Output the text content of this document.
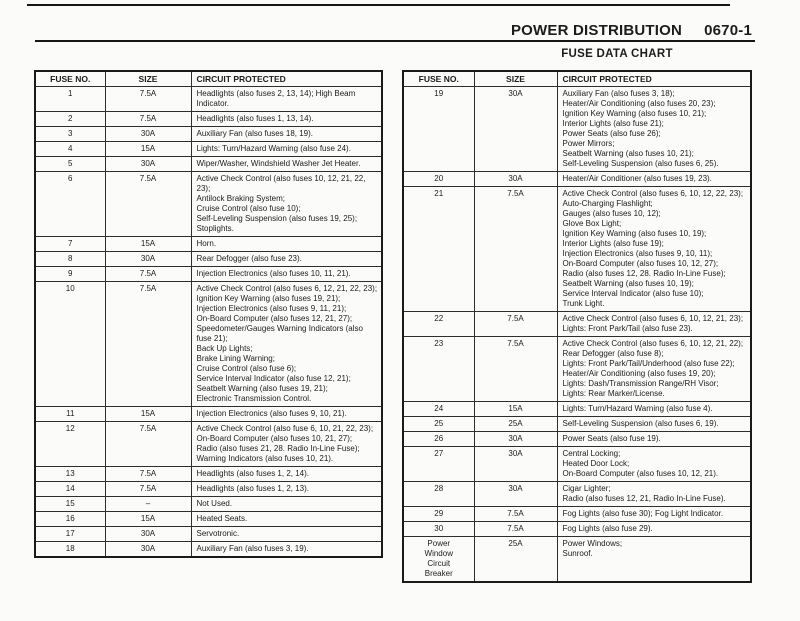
POWER DISTRIBUTION 0670-1
FUSE DATA CHART
FUSE NO.	SIZE	CIRCUIT PROTECTED
1	7.5A	Headlights (also fuses 2, 13, 14); High Beam Indicator.

2	7.5A	Headlights (also fuses 1, 13, 14).

3	30A	Auxiliary Fan (also fuses 18, 19).

4	15A	Lights: Turn/Hazard Warning (also fuse 24).

5	30A	Wiper/Washer, Windshield Washer Jet Heater.

6	7.5A	Active Check Control (also fuses 10, 12, 21, 22, 23);
Antilock Braking System;
Cruise Control (also fuse 10);
Self-Leveling Suspension (also fuses 19, 25);
Stoplights.

7	15A	Horn.

8	30A	Rear Defogger (also fuse 23).

9	7.5A	Injection Electronics (also fuses 10, 11, 21).

10	7.5A	Active Check Control (also fuses 6, 12, 21, 22, 23);
Ignition Key Warning (also fuses 19, 21);
Injection Electronics (also fuses 9, 11, 21);
On-Board Computer (also fuses 12, 21, 27);
Speedometer/Gauges Warning Indicators (also fuse 21);
Back Up Lights;
Brake Lining Warning;
Cruise Control (also fuse 6);
Service Interval Indicator (also fuse 12, 21);
Seatbelt Warning (also fuses 19, 21);
Electronic Transmission Control.

11	15A	Injection Electronics (also fuses 9, 10, 21).

12	7.5A	Active Check Control (also fuse 6, 10, 21, 22, 23);
On-Board Computer (also fuses 10, 21, 27);
Radio (also fuses 21, 28. Radio In-Line Fuse);
Warning Indicators (also fuses 10, 21).

13	7.5A	Headlights (also fuses 1, 2, 14).

14	7.5A	Headlights (also fuses 1, 2, 13).

15	–	Not Used.

16	15A	Heated Seats.

17	30A	Servotronic.

18	30A	Auxiliary Fan (also fuses 3, 19).
FUSE NO.	SIZE	CIRCUIT PROTECTED
19	30A	Auxiliary Fan (also fuses 3, 18);
Heater/Air Conditioning (also fuses 20, 23);
Ignition Key Warning (also fuses 10, 21);
Interior Lights (also fuse 21);
Power Seats (also fuse 26);
Power Mirrors;
Seatbelt Warning (also fuses 10, 21);
Self-Leveling Suspension (also fuses 6, 25).

20	30A	Heater/Air Conditioner (also fuses 19, 23).

21	7.5A	Active Check Control (also fuses 6, 10, 12, 22, 23);
Auto-Charging Flashlight;
Gauges (also fuses 10, 12);
Glove Box Light;
Ignition Key Warning (also fuses 10, 19);
Interior Lights (also fuse 19);
Injection Electronics (also fuses 9, 10, 11);
On-Board Computer (also fuses 10, 12, 27);
Radio (also fuses 12, 28. Radio In-Line Fuse);
Seatbelt Warning (also fuses 10, 19);
Service Interval Indicator (also fuse 10);
Trunk Light.

22	7.5A	Active Check Control (also fuses 6, 10, 12, 21, 23);
Lights: Front Park/Tail (also fuse 23).

23	7.5A	Active Check Control (also fuses 6, 10, 12, 21, 22);
Rear Defogger (also fuse 8);
Lights: Front Park/Tail/Underhood (also fuse 22);
Heater/Air Conditioning (also fuses 19, 20);
Lights: Dash/Transmission Range/RH Visor;
Lights: Rear Marker/License.

24	15A	Lights: Turn/Hazard Warning (also fuse 4).

25	25A	Self-Leveling Suspension (also fuses 6, 19).

26	30A	Power Seats (also fuse 19).

27	30A	Central Locking;
Heated Door Lock;
On-Board Computer (also fuses 10, 12, 21).

28	30A	Cigar Lighter;
Radio (also fuses 12, 21, Radio In-Line Fuse).

29	7.5A	Fog Lights (also fuse 30); Fog Light Indicator.

30	7.5A	Fog Lights (also fuse 29).

Power Window Circuit Breaker	25A	Power Windows;
Sunroof.
